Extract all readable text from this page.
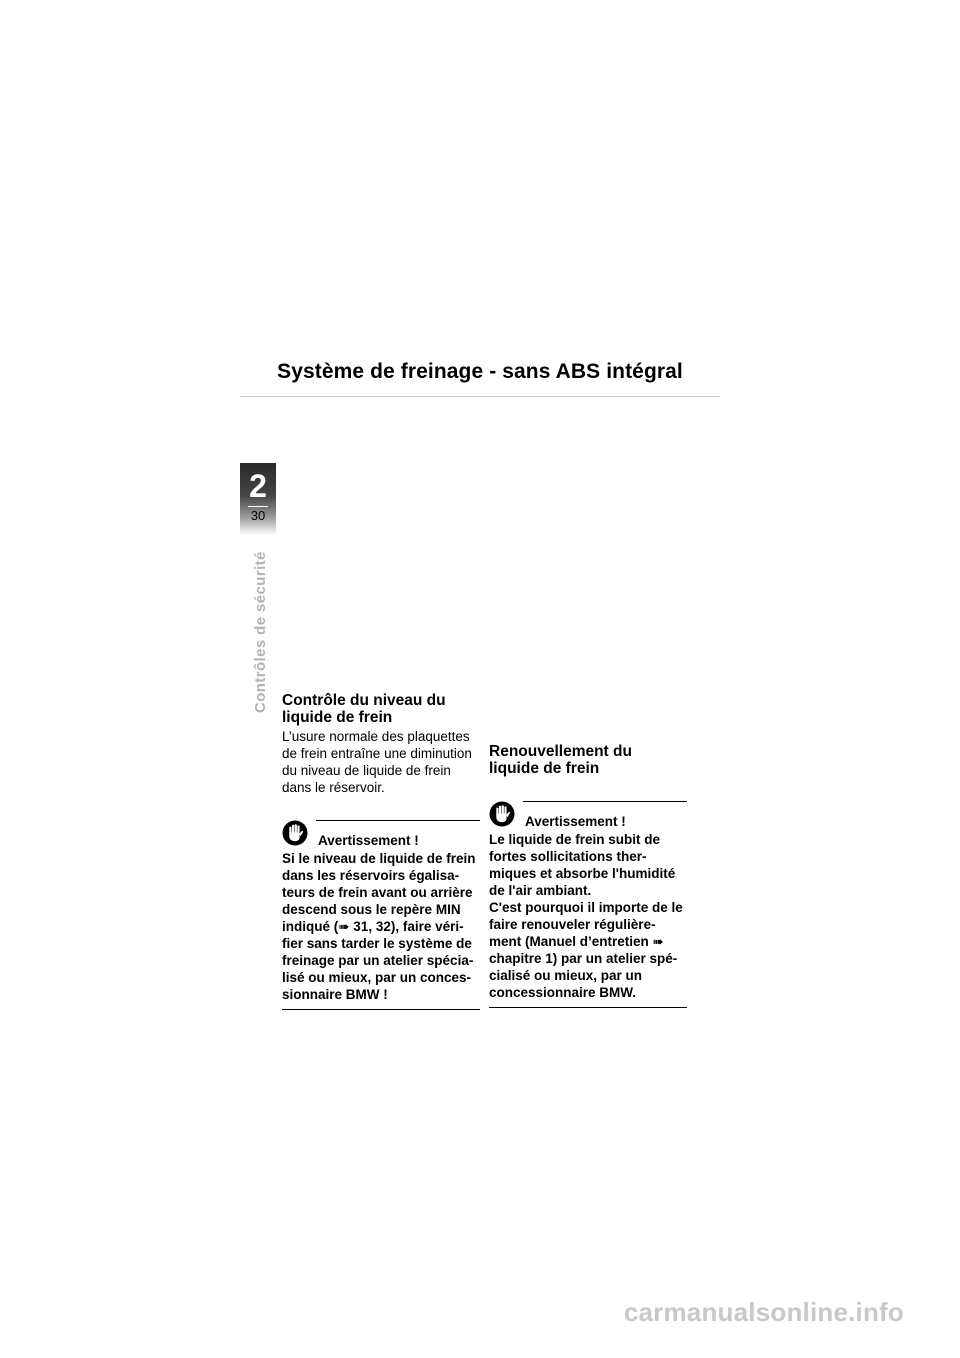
Système de freinage - sans ABS intégral
2
30
Contrôles de sécurité Contrôle du niveau du
liquide de frein

L’usure normale des plaquettes
de frein entraîne une diminution
du niveau de liquide de frein
dans le réservoir.

Avertissement !

Si le niveau de liquide de frein
dans les réservoirs égalisa-
teurs de frein avant ou arrière
descend sous le repère MIN
indiqué (➠ 31, 32), faire véri-
fier sans tarder le système de
freinage par un atelier spécia-
lisé ou mieux, par un conces-
sionnaire BMW !

Renouvellement du
liquide de frein
Avertissement !

Le liquide de frein subit de
fortes sollicitations ther-
miques et absorbe l'humidité
de l'air ambiant.
C'est pourquoi il importe de le
faire renouveler régulière-
ment (Manuel d’entretien ➠
chapitre 1) par un atelier spé-
cialisé ou mieux, par un
concessionnaire BMW.

carmanualsonline.info
